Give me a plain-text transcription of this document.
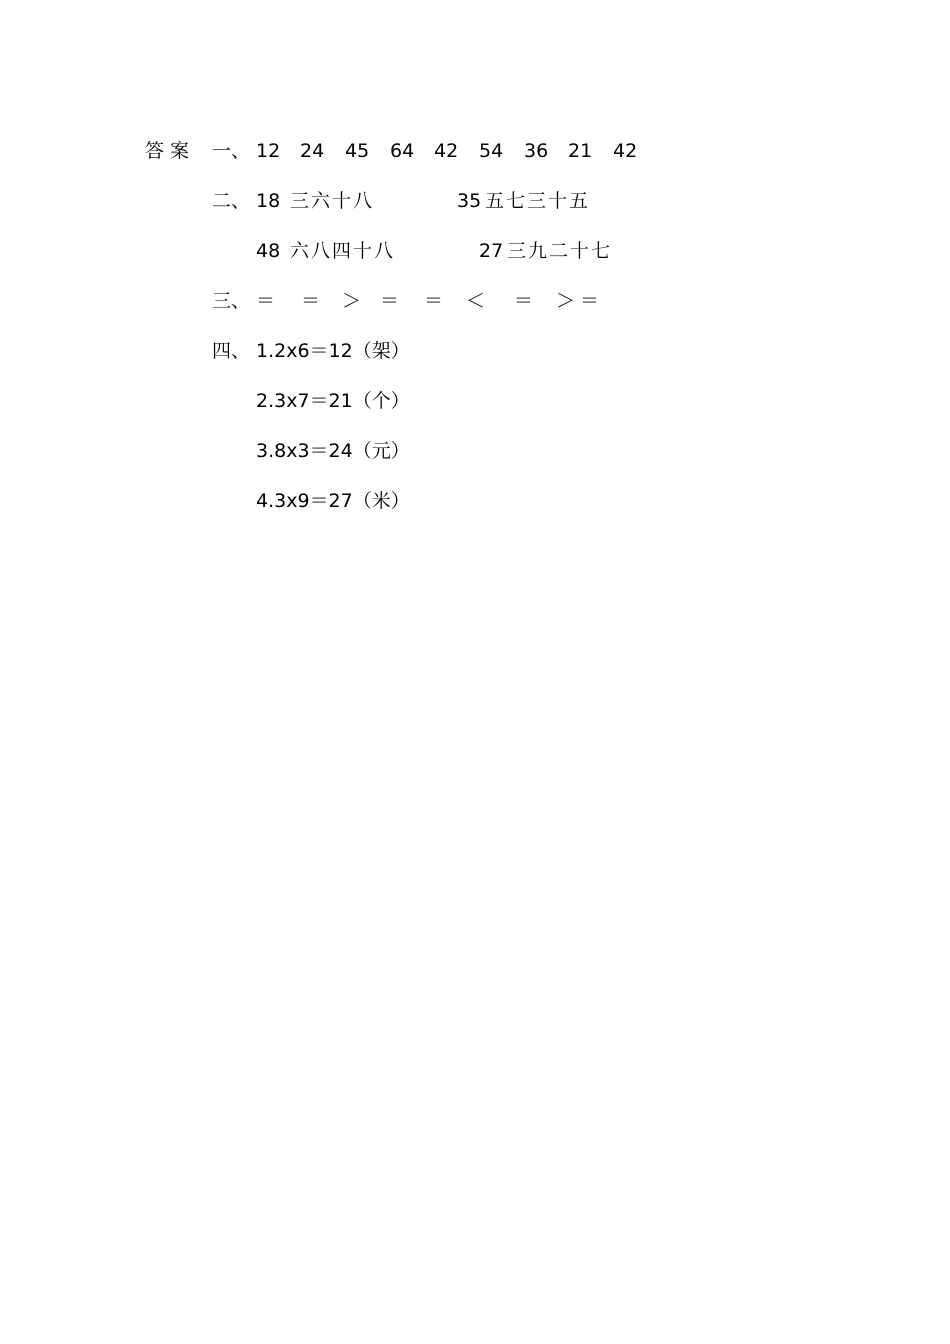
答案 一、 12 24 45 64 42 54 36 21 42
二、 18 三六十八	35 五七三十五
48 六八四十八	27 三九二十七
三、 ＝ ＝ ＞ ＝ ＝ ＜ ＝ ＞ ＝
四、 1.2x6＝12（架）
2.3x7＝21（个）
3.8x3＝24（元）
4.3x9＝27（米）
